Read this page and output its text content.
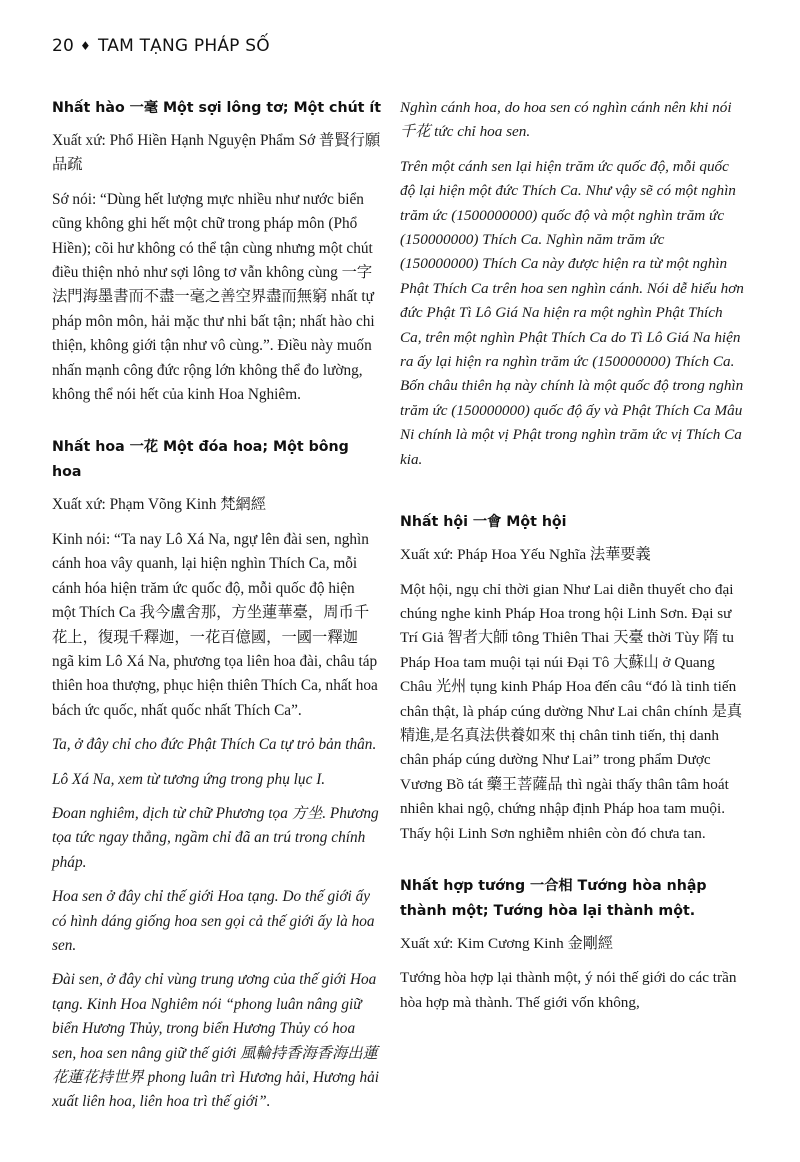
20 ♦ TAM TẠNG PHÁP SỐ
Nhất hào 一毫 Một sợi lông tơ; Một chút ít

Xuất xứ: Phổ Hiền Hạnh Nguyện Phẩm Sớ 普賢行願品疏

Sớ nói: “Dùng hết lượng mực nhiều như nước biển cũng không ghi hết một chữ trong pháp môn (Phổ Hiền); cõi hư không có thể tận cùng nhưng một chút điều thiện nhỏ như sợi lông tơ vẫn không cùng 一字法門海墨書而不盡一毫之善空界盡而無窮 nhất tự pháp môn môn, hải mặc thư nhi bất tận; nhất hào chi thiện, không giới tận như vô cùng.”. Điều này muốn nhấn mạnh công đức rộng lớn không thể đo lường, không thể nói hết của kinh Hoa Nghiêm.

Nhất hoa 一花 Một đóa hoa; Một bông hoa

Xuất xứ: Phạm Võng Kinh 梵網經

Kinh nói: “Ta nay Lô Xá Na, ngự lên đài sen, nghìn cánh hoa vây quanh, lại hiện nghìn Thích Ca, mỗi cánh hóa hiện trăm ức quốc độ, mỗi quốc độ hiện một Thích Ca 我今盧舍那，方坐蓮華臺，周币千花上，復現千釋迦，一花百億國，一國一釋迦 ngã kim Lô Xá Na, phương tọa liên hoa đài, châu táp thiên hoa thượng, phục hiện thiên Thích Ca, nhất hoa bách ức quốc, nhất quốc nhất Thích Ca”.

Ta, ở đây chỉ cho đức Phật Thích Ca tự trỏ bản thân.

Lô Xá Na, xem từ tương ứng trong phụ lục I.

Đoan nghiêm, dịch từ chữ Phương tọa 方坐. Phương tọa tức ngay thẳng, ngầm chỉ đã an trú trong chính pháp.

Hoa sen ở đây chỉ thế giới Hoa tạng. Do thế giới ấy có hình dáng giống hoa sen gọi cả thế giới ấy là hoa sen.

Đài sen, ở đây chỉ vùng trung ương của thế giới Hoa tạng. Kinh Hoa Nghiêm nói “phong luân nâng giữ biển Hương Thủy, trong biển Hương Thủy có hoa sen, hoa sen nâng giữ thế giới 風輪持香海香海出蓮花蓮花持世界 phong luân trì Hương hải, Hương hải xuất liên hoa, liên hoa trì thế giới”.

Nghìn cánh hoa, do hoa sen có nghìn cánh nên khi nói 千花 tức chỉ hoa sen.

Trên một cánh sen lại hiện trăm ức quốc độ, mỗi quốc độ lại hiện một đức Thích Ca. Như vậy sẽ có một nghìn trăm ức (1500000000) quốc độ và một nghìn trăm ức (150000000) Thích Ca. Nghìn năm trăm ức (150000000) Thích Ca này được hiện ra từ một nghìn Phật Thích Ca trên hoa sen nghìn cánh. Nói dễ hiểu hơn đức Phật Tì Lô Giá Na hiện ra một nghìn Phật Thích Ca, trên một nghìn Phật Thích Ca do Tì Lô Giá Na hiện ra ấy lại hiện ra nghìn trăm ức (150000000) Thích Ca. Bốn châu thiên hạ này chính là một quốc độ trong nghìn trăm ức (150000000) quốc độ ấy và Phật Thích Ca Mâu Ni chính là một vị Phật trong nghìn trăm ức vị Thích Ca kia.

Nhất hội 一會 Một hội

Xuất xứ: Pháp Hoa Yếu Nghĩa 法華要義

Một hội, ngụ chỉ thời gian Như Lai diễn thuyết cho đại chúng nghe kinh Pháp Hoa trong hội Linh Sơn. Đại sư Trí Giả 智者大師 tông Thiên Thai 天臺 thời Tùy 隋 tu Pháp Hoa tam muội tại núi Đại Tô 大蘇山 ở Quang Châu 光州 tụng kinh Pháp Hoa đến câu “đó là tinh tiến chân thật, là pháp cúng dường Như Lai chân chính 是真精進,是名真法供養如來 thị chân tinh tiến, thị danh chân pháp cúng dường Như Lai” trong phẩm Dược Vương Bồ tát 藥王菩薩品 thì ngài thấy thân tâm hoát nhiên khai ngộ, chứng nhập định Pháp hoa tam muội. Thấy hội Linh Sơn nghiễm nhiên còn đó chưa tan.

Nhất hợp tướng 一合相 Tướng hòa nhập thành một; Tướng hòa lại thành một.

Xuất xứ: Kim Cương Kinh 金剛經

Tướng hòa hợp lại thành một, ý nói thế giới do các trần hòa hợp mà thành. Thế giới vốn không,
